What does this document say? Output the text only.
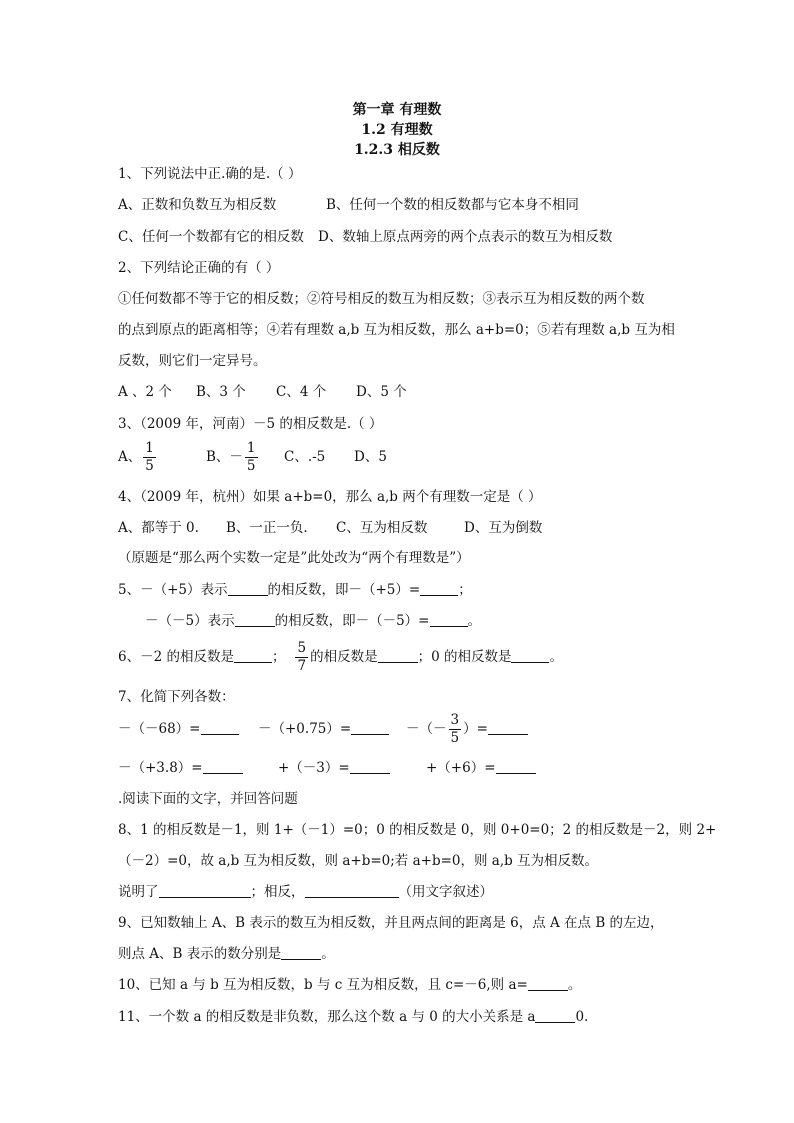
第一章 有理数
1.2 有理数
1.2.3 相反数
1、下列说法中正.确的是.（ ）
A、正数和负数互为相反数	B、任何一个数的相反数都与它本身不相同
C、任何一个数都有它的相反数 D、数轴上原点两旁的两个点表示的数互为相反数
2、下列结论正确的有（ ）
①任何数都不等于它的相反数；②符号相反的数互为相反数；③表示互为相反数的两个数
的点到原点的距离相等；④若有理数 a,b 互为相反数，那么 a+b=0；⑤若有理数 a,b 互为相
反数，则它们一定异号。
A 、2 个 B、3 个 C、4 个 D、5 个
3、（2009 年，河南）－5 的相反数是.（ ）
A、 $\frac{1}{5}$	B、－ $\frac{1}{5}$ C、.-5 D、5
4、（2009 年，杭州）如果 a+b=0，那么 a,b 两个有理数一定是（ ）
A、都等于 0. B、一正一负. C、互为相反数	D、互为倒数
（原题是“那么两个实数一定是”此处改为“两个有理数是”）
5、－（+5）表示	的相反数，即－（+5）=	；
－（－5）表示	的相反数，即－（－5）=	。
6、－2 的相反数是	； $\frac{5}{7}$ 的相反数是	；0 的相反数是	。
7、化简下列各数：
－（－68）=	－（+0.75）=	－（－ $\frac{3}{5}$ ）=
－（+3.8）=	+（－3）=	+（+6）=
.阅读下面的文字，并回答问题
8、1 的相反数是－1，则 1+（－1）=0；0 的相反数是 0，则 0+0=0；2 的相反数是－2，则 2+
（－2）=0，故 a,b 互为相反数，则 a+b=0;若 a+b=0，则 a,b 互为相反数。
说明了	；相反，	（用文字叙述）
9、已知数轴上 A、B 表示的数互为相反数，并且两点间的距离是 6，点 A 在点 B 的左边，
则点 A、B 表示的数分别是	。
10、已知 a 与 b 互为相反数，b 与 c 互为相反数，且 c=－6,则 a=	。
11、一个数 a 的相反数是非负数，那么这个数 a 与 0 的大小关系是 a	0.
